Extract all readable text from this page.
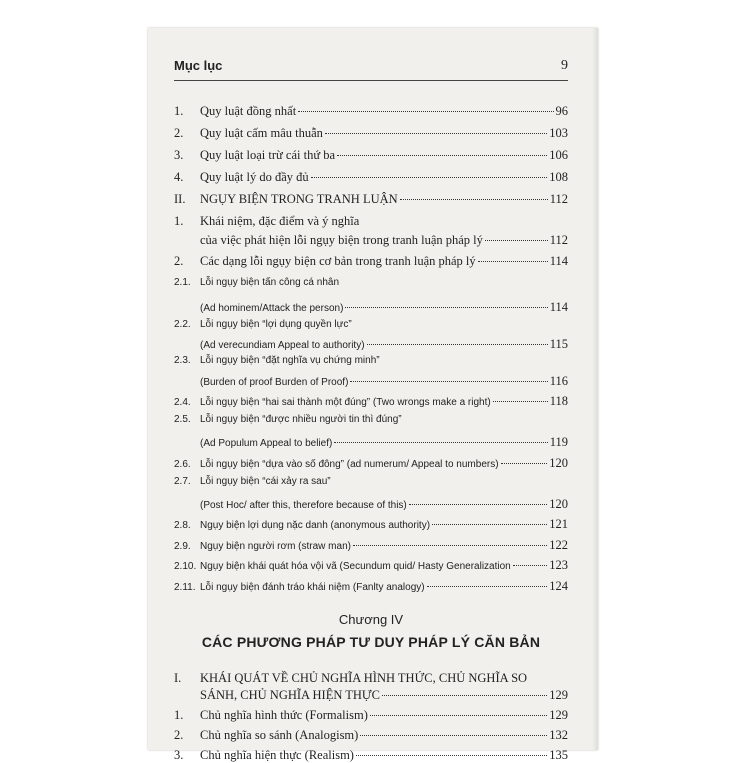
Mục lục	9
1.	Quy luật đồng nhất	96
2.	Quy luật cấm mâu thuẫn	103
3.	Quy luật loại trừ cái thứ ba	106
4.	Quy luật lý do đầy đủ	108
II.	NGỤY BIỆN TRONG TRANH LUẬN	112
1.	Khái niệm, đặc điểm và ý nghĩa
của việc phát hiện lỗi ngụy biện trong tranh luận pháp lý	112
2.	Các dạng lỗi ngụy biện cơ bản trong tranh luận pháp lý	114
2.1. Lỗi ngụy biện tấn công cá nhân
(Ad hominem/Attack the person)	114
2.2. Lỗi ngụy biện “lợi dụng quyền lực”
(Ad verecundiam Appeal to authority)	115
2.3. Lỗi ngụy biện “đặt nghĩa vụ chứng minh”
(Burden of proof Burden of Proof)	116
2.4. Lỗi ngụy biện “hai sai thành một đúng” (Two wrongs make a right)	118
2.5. Lỗi ngụy biện “được nhiều người tin thì đúng”
(Ad Populum Appeal to belief)	119
2.6. Lỗi ngụy biện “dựa vào số đông” (ad numerum/ Appeal to numbers)	120
2.7. Lỗi ngụy biện “cái xảy ra sau”
(Post Hoc/ after this, therefore because of this)	120
2.8. Ngụy biện lợi dụng nặc danh (anonymous authority)	121
2.9. Ngụy biện người rơm (straw man)	122
2.10. Ngụy biện khái quát hóa vội vã (Secundum quid/ Hasty Generalization	123
2.11. Lỗi ngụy biện đánh tráo khái niệm (Fanlty analogy)	124
Chương IV
CÁC PHƯƠNG PHÁP TƯ DUY PHÁP LÝ CĂN BẢN
I.	KHÁI QUÁT VỀ CHỦ NGHĨA HÌNH THỨC, CHỦ NGHĨA SO
SÁNH, CHỦ NGHĨA HIỆN THỰC	129
1.	Chủ nghĩa hình thức (Formalism)	129
2.	Chủ nghĩa so sánh (Analogism)	132
3.	Chủ nghĩa hiện thực (Realism)	135
